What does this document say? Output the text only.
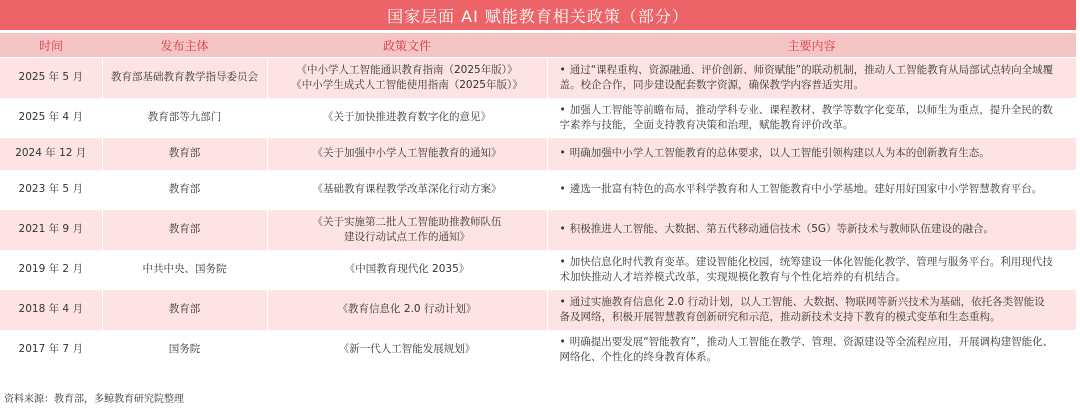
国家层面 AI 赋能教育相关政策（部分）
时间	发布主体	政策文件	主要内容
2025 年 5 月	教育部基础教育教学指导委员会	《中小学人工智能通识教育指南（2025年版）》
《中小学生成式人工智能使用指南（2025年版）》	• 通过“课程重构、资源融通、评价创新、师资赋能”的联动机制，推动人工智能教育从局部试点转向全域覆盖。校企合作，同步建设配套数字资源，确保教学内容普适实用。
2025 年 4 月	教育部等九部门	《关于加快推进教育数字化的意见》	• 加强人工智能等前瞻布局，推动学科专业、课程教材、教学等数字化变革，以师生为重点，提升全民的数字素养与技能，全面支持教育决策和治理，赋能教育评价改革。
2024 年 12 月	教育部	《关于加强中小学人工智能教育的通知》	• 明确加强中小学人工智能教育的总体要求，以人工智能引领构建以人为本的创新教育生态。
2023 年 5 月	教育部	《基础教育课程教学改革深化行动方案》	• 遴选一批富有特色的高水平科学教育和人工智能教育中小学基地。建好用好国家中小学智慧教育平台。
2021 年 9 月	教育部	《关于实施第二批人工智能助推教师队伍
建设行动试点工作的通知》	• 积极推进人工智能、大数据、第五代移动通信技术（5G）等新技术与教师队伍建设的融合。
2019 年 2 月	中共中央、国务院	《中国教育现代化 2035》	• 加快信息化时代教育变革。建设智能化校园，统筹建设一体化智能化教学、管理与服务平台。利用现代技术加快推动人才培养模式改革，实现规模化教育与个性化培养的有机结合。
2018 年 4 月	教育部	《教育信息化 2.0 行动计划》	• 通过实施教育信息化 2.0 行动计划，以人工智能、大数据、物联网等新兴技术为基础，依托各类智能设备及网络，积极开展智慧教育创新研究和示范，推动新技术支持下教育的模式变革和生态重构。
2017 年 7 月	国务院	《新一代人工智能发展规划》	• 明确提出要发展“智能教育”，推动人工智能在教学、管理、资源建设等全流程应用，开展调构建智能化、网络化、个性化的终身教育体系。
资料来源：教育部，多鲸教育研究院整理
